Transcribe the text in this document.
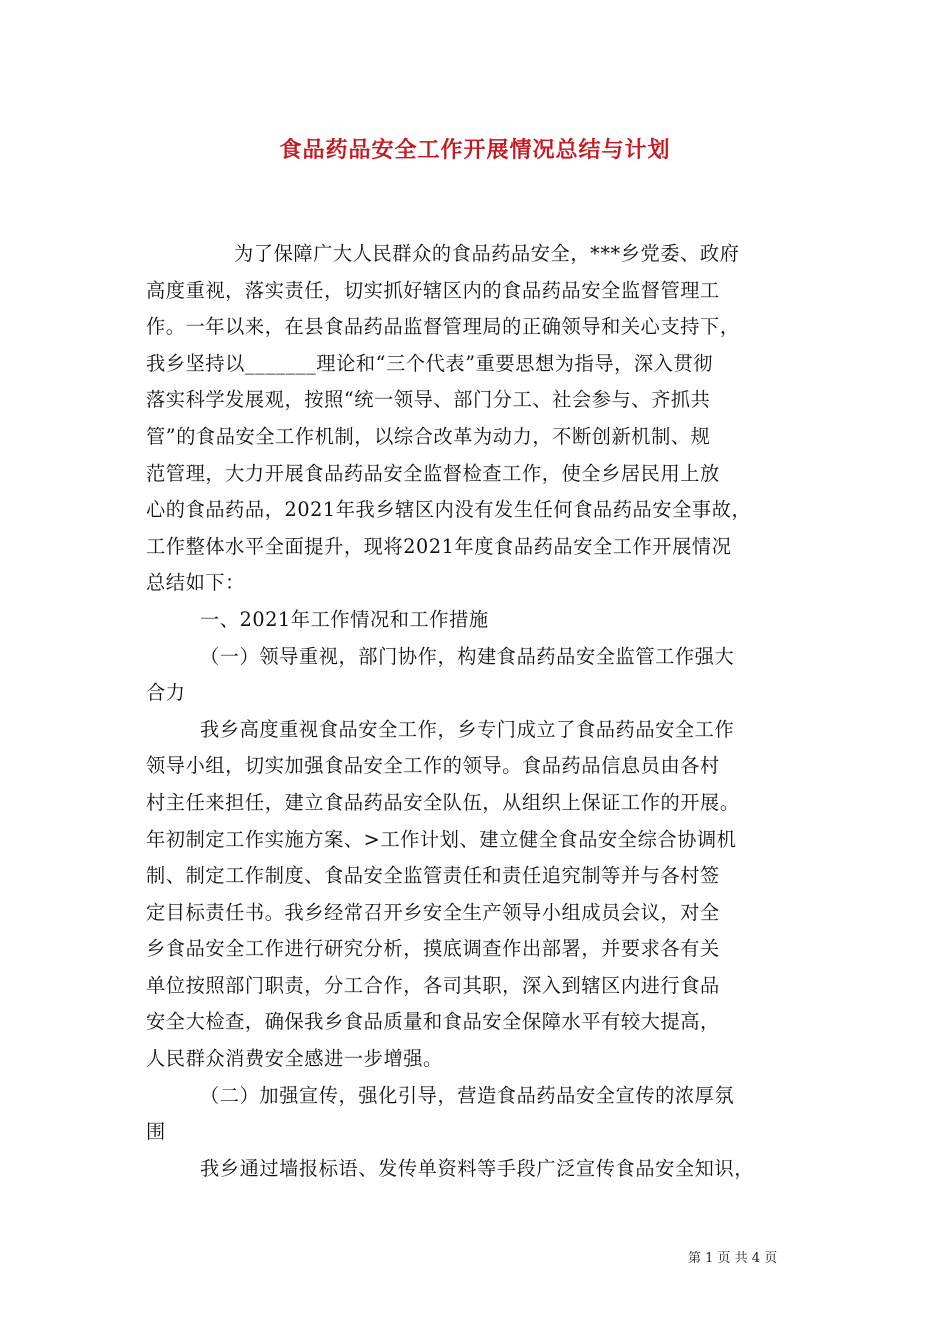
食品药品安全工作开展情况总结与计划
为了保障广大人民群众的食品药品安全，***乡党委、政府
高度重视，落实责任，切实抓好辖区内的食品药品安全监督管理工
作。一年以来，在县食品药品监督管理局的正确领导和关心支持下，
我乡坚持以_______理论和“三个代表”重要思想为指导，深入贯彻
落实科学发展观，按照“统一领导、部门分工、社会参与、齐抓共
管”的食品安全工作机制，以综合改革为动力，不断创新机制、规
范管理，大力开展食品药品安全监督检查工作，使全乡居民用上放
心的食品药品，2021年我乡辖区内没有发生任何食品药品安全事故，
工作整体水平全面提升，现将2021年度食品药品安全工作开展情况
总结如下：
一、2021年工作情况和工作措施
（一）领导重视，部门协作，构建食品药品安全监管工作强大
合力
我乡高度重视食品安全工作，乡专门成立了食品药品安全工作
领导小组，切实加强食品安全工作的领导。食品药品信息员由各村
村主任来担任，建立食品药品安全队伍，从组织上保证工作的开展。
年初制定工作实施方案、>工作计划、建立健全食品安全综合协调机
制、制定工作制度、食品安全监管责任和责任追究制等并与各村签
定目标责任书。我乡经常召开乡安全生产领导小组成员会议，对全
乡食品安全工作进行研究分析，摸底调查作出部署，并要求各有关
单位按照部门职责，分工合作，各司其职，深入到辖区内进行食品
安全大检查，确保我乡食品质量和食品安全保障水平有较大提高，
人民群众消费安全感进一步增强。
（二）加强宣传，强化引导，营造食品药品安全宣传的浓厚氛
围
我乡通过墙报标语、发传单资料等手段广泛宣传食品安全知识，
第 1 页 共 4 页
